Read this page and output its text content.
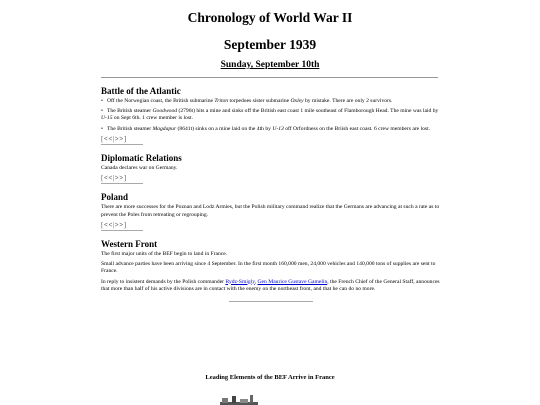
Chronology of World War II
September 1939
Sunday, September 10th
Battle of the Atlantic
• Off the Norwegian coast, the British submarine Triton torpedoes sister submarine Oxley by mistake. There are only 2 survivors.
• The British steamer Goodwood (2796t) hits a mine and sinks off the British east coast 1 mile southeast of Flamborough Head. The mine was laid by U-15 on Sept 6th. 1 crew member is lost.
• The British steamer Magdapur (8641t) sinks on a mine laid on the 4th by U-13 off Orfordness on the Briish east coast. 6 crew members are lost.
[<<|>>]
Diplomatic Relations

Canada declares war on Germany.

[<<|>>]
Poland

There are more successes for the Poznan and Lodz Armies, but the Polish military command realize that the Germans are advancing at such a rate as to prevent the Poles from retreating or regrouping.

[<<|>>]
Western Front

The first major units of the BEF begin to land in France.

Small advance parties have been arriving since 4 September. In the first month 160,000 men, 24,000 vehicles and 140,000 tons of supplies are sent to France.

In reply to insistent demands by the Polish commander Rydz-Smigly, Gen Maurice Gustave Gamelin, the French Chief of the General Staff, announces that more than half of his active divisions are in contact with the enemy on the northeast front, and that he can do no more.

Leading Elements of the BEF Arrive in France
